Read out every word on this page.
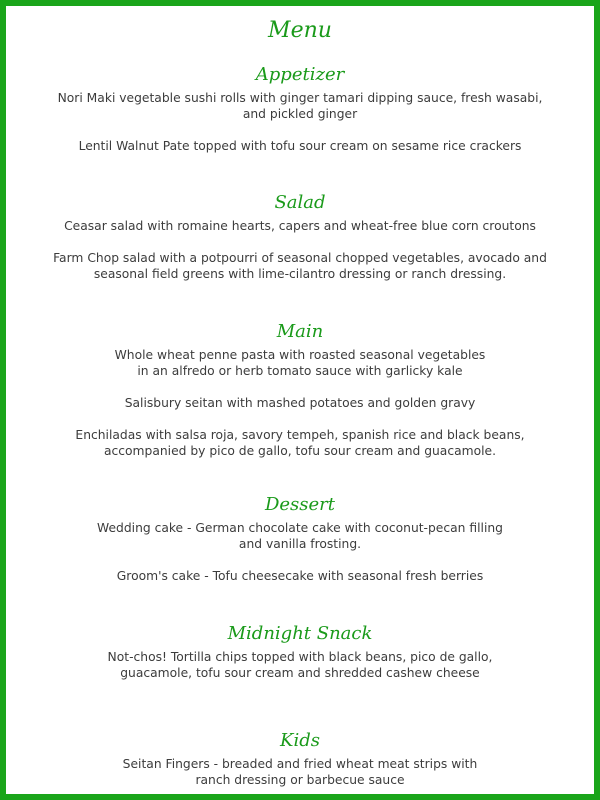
Menu
Appetizer
Nori Maki vegetable sushi rolls with ginger tamari dipping sauce, fresh wasabi,
and pickled ginger
Lentil Walnut Pate topped with tofu sour cream on sesame rice crackers
Salad
Ceasar salad with romaine hearts, capers and wheat-free blue corn croutons
Farm Chop salad with a potpourri of seasonal chopped vegetables, avocado and
seasonal field greens with lime-cilantro dressing or ranch dressing.
Main
Whole wheat penne pasta with roasted seasonal vegetables
in an alfredo or herb tomato sauce with garlicky kale
Salisbury seitan with mashed potatoes and golden gravy
Enchiladas with salsa roja, savory tempeh, spanish rice and black beans,
accompanied by pico de gallo, tofu sour cream and guacamole.
Dessert
Wedding cake - German chocolate cake with coconut-pecan filling
and vanilla frosting.
Groom's cake - Tofu cheesecake with seasonal fresh berries
Midnight Snack
Not-chos! Tortilla chips topped with black beans, pico de gallo,
guacamole, tofu sour cream and shredded cashew cheese
Kids
Seitan Fingers - breaded and fried wheat meat strips with
ranch dressing or barbecue sauce
